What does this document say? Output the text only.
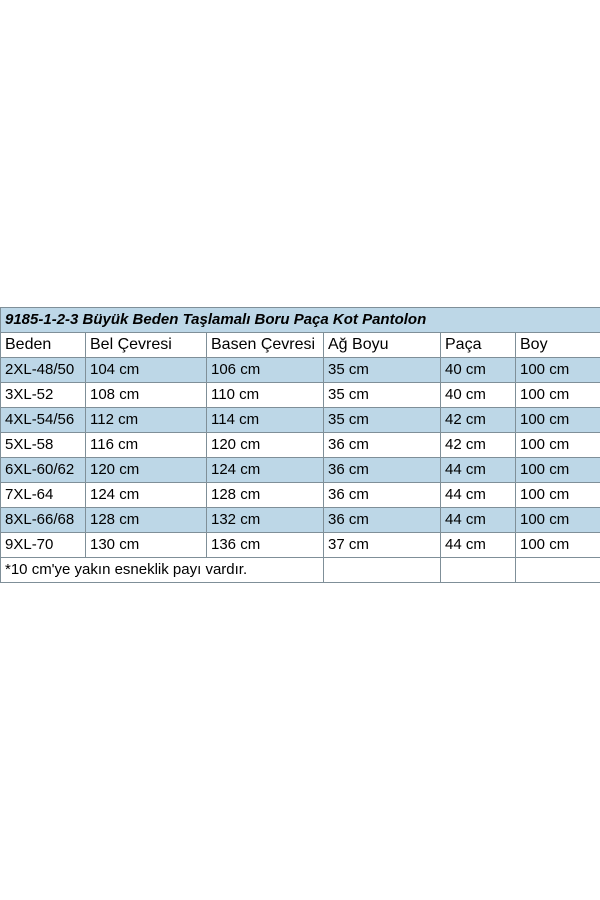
9185-1-2-3 Büyük Beden Taşlamalı Boru Paça Kot Pantolon					
Beden	Bel Çevresi	Basen Çevresi	Ağ Boyu	Paça	Boy
2XL-48/50	104 cm	106 cm	35 cm	40 cm	100 cm
3XL-52	108 cm	110 cm	35 cm	40 cm	100 cm
4XL-54/56	112 cm	114 cm	35 cm	42 cm	100 cm
5XL-58	116 cm	120 cm	36 cm	42 cm	100 cm
6XL-60/62	120 cm	124 cm	36 cm	44 cm	100 cm
7XL-64	124 cm	128 cm	36 cm	44 cm	100 cm
8XL-66/68	128 cm	132 cm	36 cm	44 cm	100 cm
9XL-70	130 cm	136 cm	37 cm	44 cm	100 cm
*10 cm'ye yakın esneklik payı vardır.					
